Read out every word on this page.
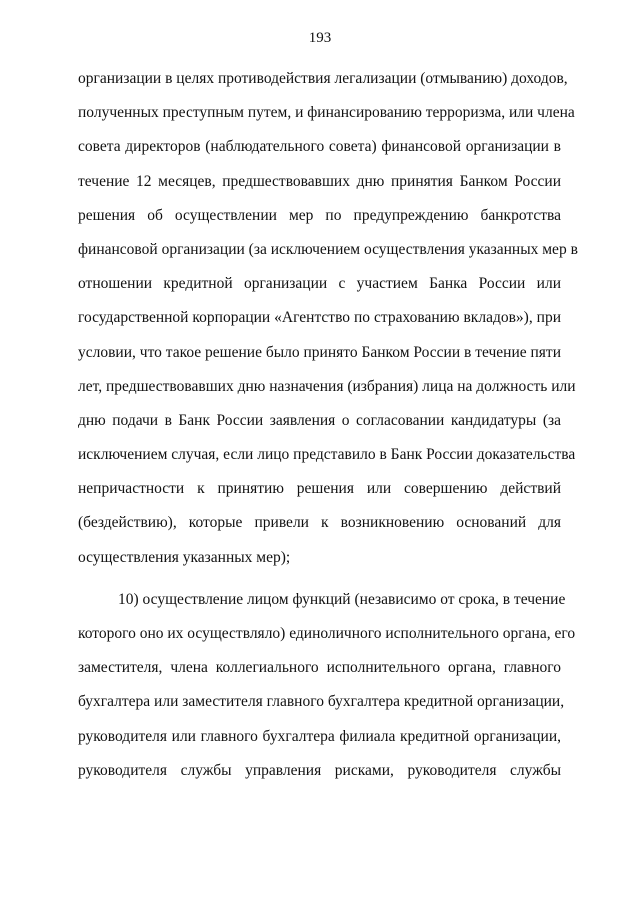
193
организации в целях противодействия легализации (отмыванию) доходов,
полученных преступным путем, и финансированию терроризма, или члена
совета директоров (наблюдательного совета) финансовой организации в
течение 12 месяцев, предшествовавших дню принятия Банком России
решения об осуществлении мер по предупреждению банкротства
финансовой организации (за исключением осуществления указанных мер в
отношении кредитной организации с участием Банка России или
государственной корпорации «Агентство по страхованию вкладов»), при
условии, что такое решение было принято Банком России в течение пяти
лет, предшествовавших дню назначения (избрания) лица на должность или
дню подачи в Банк России заявления о согласовании кандидатуры (за
исключением случая, если лицо представило в Банк России доказательства
непричастности к принятию решения или совершению действий
(бездействию), которые привели к возникновению оснований для
осуществления указанных мер);
10) осуществление лицом функций (независимо от срока, в течение
которого оно их осуществляло) единоличного исполнительного органа, его
заместителя, члена коллегиального исполнительного органа, главного
бухгалтера или заместителя главного бухгалтера кредитной организации,
руководителя или главного бухгалтера филиала кредитной организации,
руководителя службы управления рисками, руководителя службы
